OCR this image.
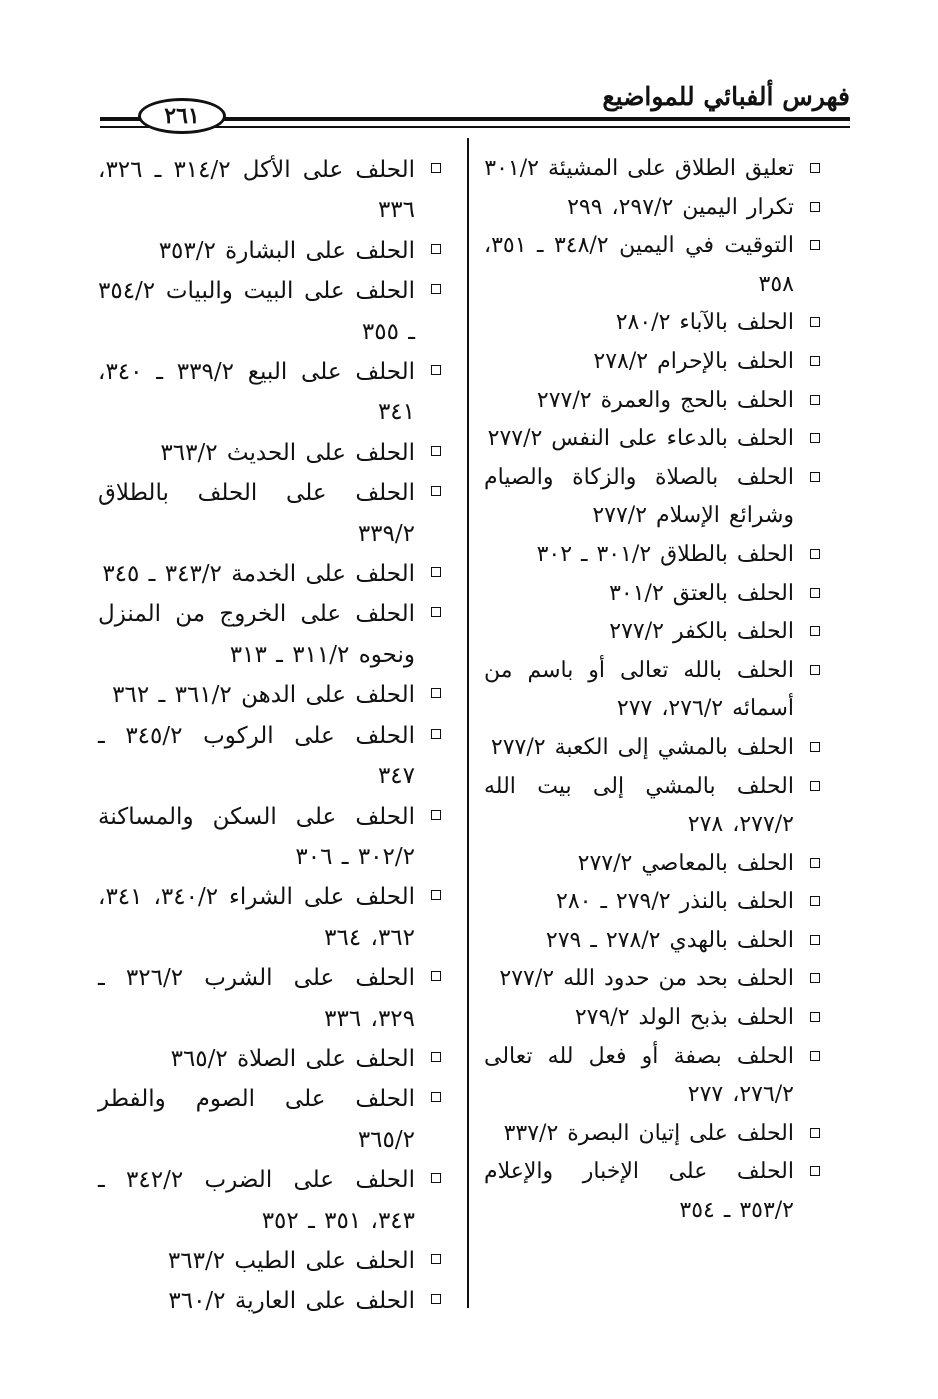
فهرس ألفبائي للمواضيع
٢٦١
تعليق الطلاق على المشيئة ٣٠١/٢
تكرار اليمين ٢٩٧/٢، ٢٩٩
التوقيت في اليمين ٣٤٨/٢ ـ ٣٥١، ٣٥٨
الحلف بالآباء ٢٨٠/٢
الحلف بالإحرام ٢٧٨/٢
الحلف بالحج والعمرة ٢٧٧/٢
الحلف بالدعاء على النفس ٢٧٧/٢
الحلف بالصلاة والزكاة والصيام وشرائع الإسلام ٢٧٧/٢
الحلف بالطلاق ٣٠١/٢ ـ ٣٠٢
الحلف بالعتق ٣٠١/٢
الحلف بالكفر ٢٧٧/٢
الحلف بالله تعالى أو باسم من أسمائه ٢٧٦/٢، ٢٧٧
الحلف بالمشي إلى الكعبة ٢٧٧/٢
الحلف بالمشي إلى بيت الله ٢٧٧/٢، ٢٧٨
الحلف بالمعاصي ٢٧٧/٢
الحلف بالنذر ٢٧٩/٢ ـ ٢٨٠
الحلف بالهدي ٢٧٨/٢ ـ ٢٧٩
الحلف بحد من حدود الله ٢٧٧/٢
الحلف بذبح الولد ٢٧٩/٢
الحلف بصفة أو فعل لله تعالى ٢٧٦/٢، ٢٧٧
الحلف على إتيان البصرة ٣٣٧/٢
الحلف على الإخبار والإعلام ٣٥٣/٢ ـ ٣٥٤
الحلف على الأكل ٣١٤/٢ ـ ٣٢٦، ٣٣٦
الحلف على البشارة ٣٥٣/٢
الحلف على البيت والبيات ٣٥٤/٢ ـ ٣٥٥
الحلف على البيع ٣٣٩/٢ ـ ٣٤٠، ٣٤١
الحلف على الحديث ٣٦٣/٢
الحلف على الحلف بالطلاق ٣٣٩/٢
الحلف على الخدمة ٣٤٣/٢ ـ ٣٤٥
الحلف على الخروج من المنزل ونحوه ٣١١/٢ ـ ٣١٣
الحلف على الدهن ٣٦١/٢ ـ ٣٦٢
الحلف على الركوب ٣٤٥/٢ ـ ٣٤٧
الحلف على السكن والمساكنة ٣٠٢/٢ ـ ٣٠٦
الحلف على الشراء ٣٤٠/٢، ٣٤١، ٣٦٢، ٣٦٤
الحلف على الشرب ٣٢٦/٢ ـ ٣٢٩، ٣٣٦
الحلف على الصلاة ٣٦٥/٢
الحلف على الصوم والفطر ٣٦٥/٢
الحلف على الضرب ٣٤٢/٢ ـ ٣٤٣، ٣٥١ ـ ٣٥٢
الحلف على الطيب ٣٦٣/٢
الحلف على العارية ٣٦٠/٢
